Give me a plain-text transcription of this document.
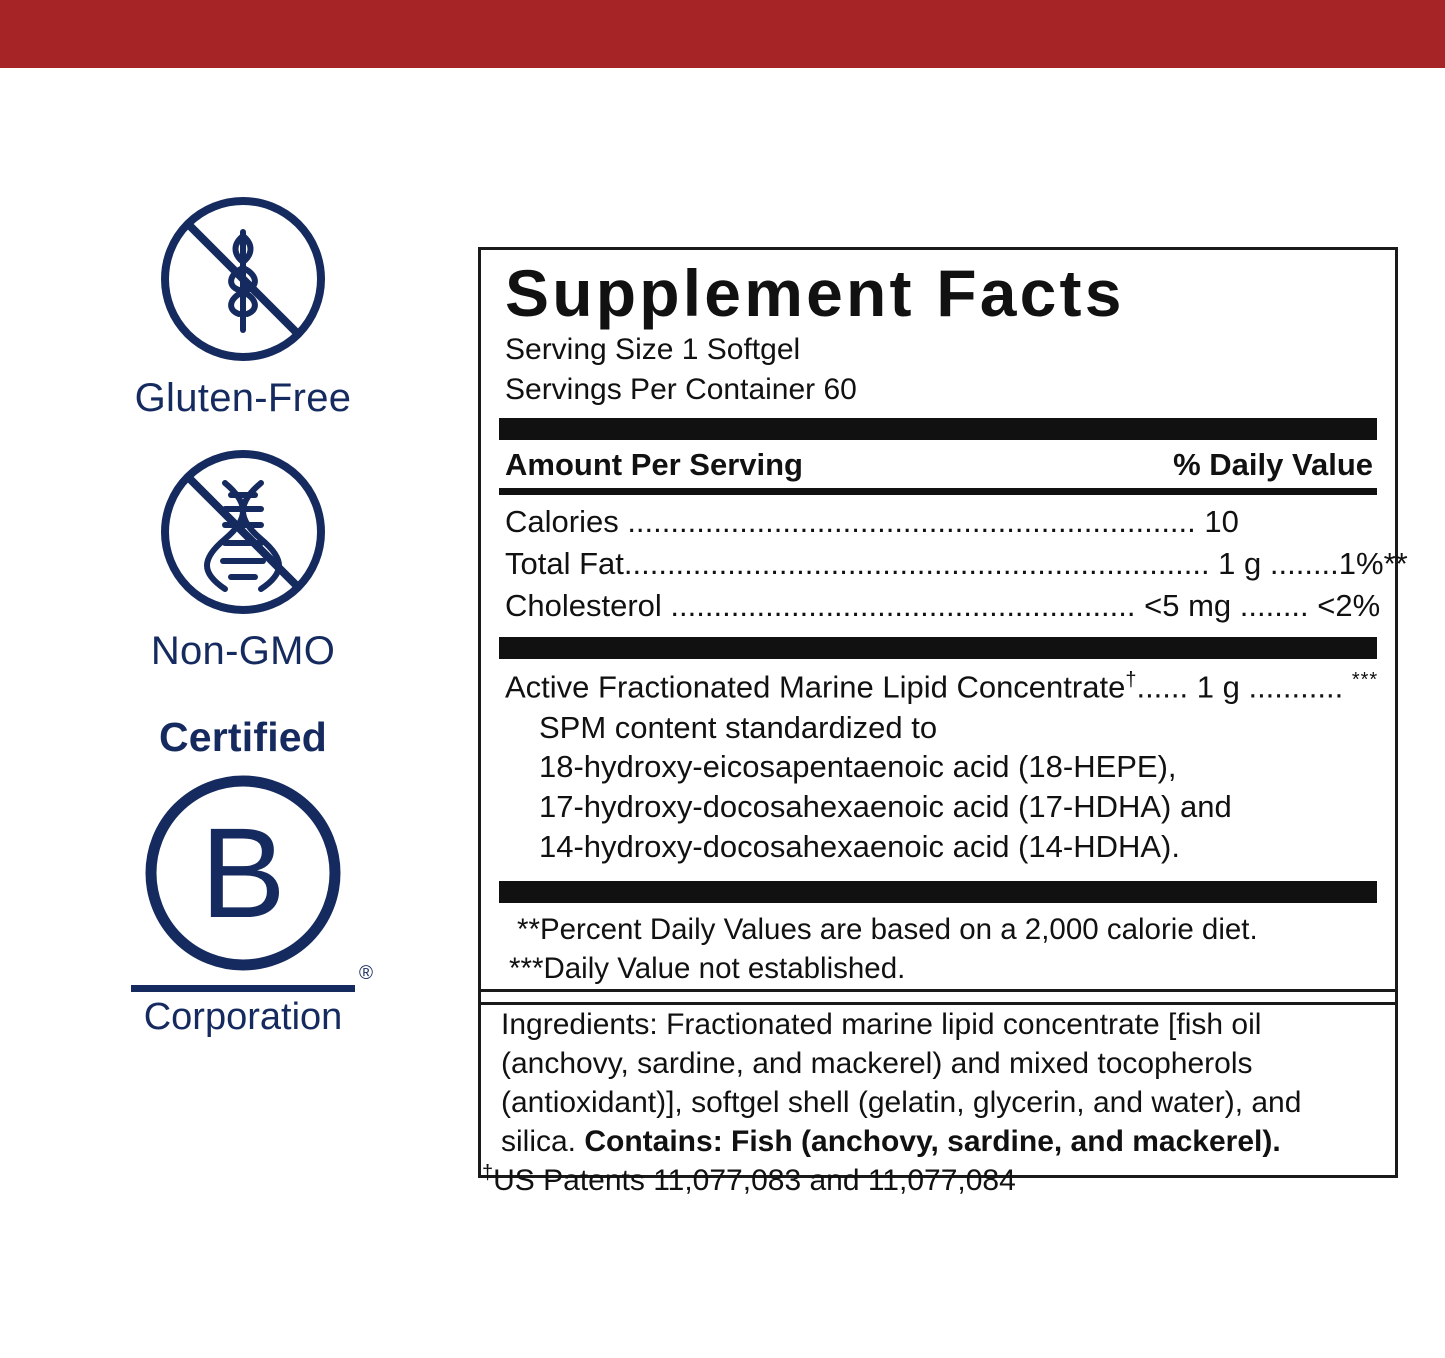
Gluten-Free
Non-GMO
Certified
B
®
Corporation
Supplement Facts
Serving Size 1 Softgel
Servings Per Container 60
Amount Per Serving	% Daily Value
Calories .................................................................. 10
Total Fat.................................................................... 1 g ........1%**
Cholesterol ...................................................... <5 mg ........ <2%
Active Fractionated Marine Lipid Concentrate†...... 1 g ........... ***
SPM content standardized to
18-hydroxy-eicosapentaenoic acid (18-HEPE),
17-hydroxy-docosahexaenoic acid (17-HDHA) and
14-hydroxy-docosahexaenoic acid (14-HDHA).
**Percent Daily Values are based on a 2,000 calorie diet.
***Daily Value not established.
Ingredients: Fractionated marine lipid concentrate [fish oil (anchovy, sardine, and mackerel) and mixed tocopherols (antioxidant)], softgel shell (gelatin, glycerin, and water), and silica. Contains: Fish (anchovy, sardine, and mackerel).
†US Patents 11,077,083 and 11,077,084
